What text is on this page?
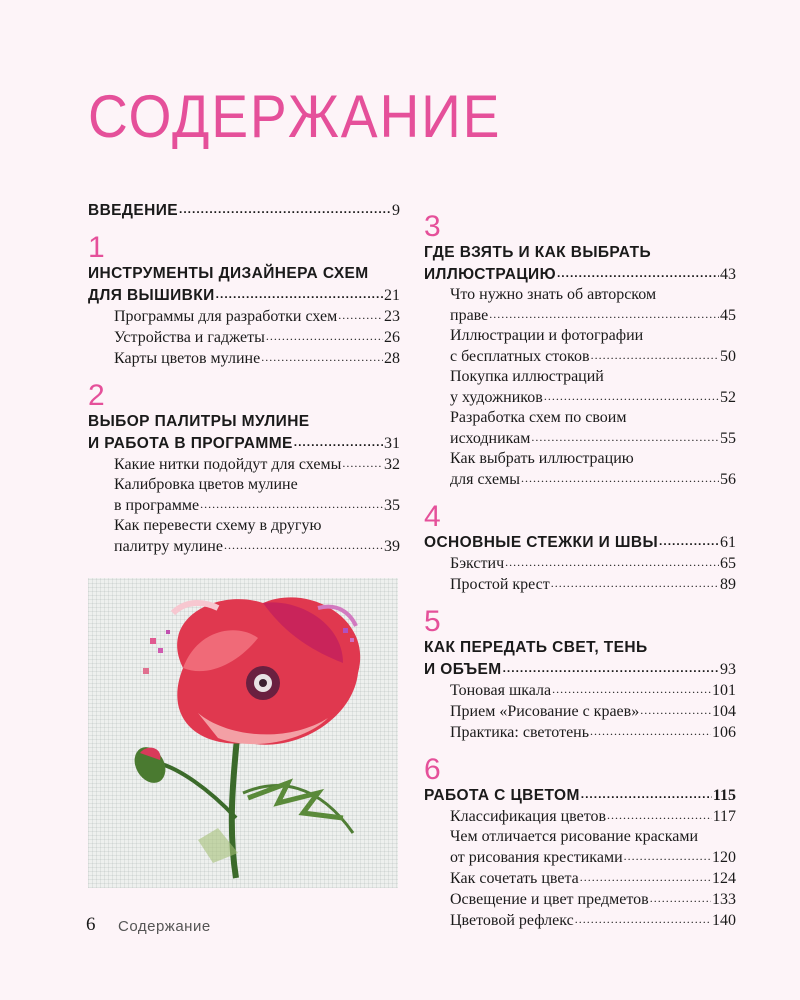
СОДЕРЖАНИЕ
ВВЕДЕНИЕ .....	9
1
ИНСТРУМЕНТЫ ДИЗАЙНЕРА СХЕМ
ДЛЯ ВЫШИВКИ .....	21
Программы для разработки схем .....	23
Устройства и гаджеты .....	26
Карты цветов мулине .....	28
2
ВЫБОР ПАЛИТРЫ МУЛИНЕ
И РАБОТА В ПРОГРАММЕ .....	31
Какие нитки подойдут для схемы .....	32
Калибровка цветов мулине
в программе .....	35
Как перевести схему в другую
палитру мулине .....	39
3
ГДЕ ВЗЯТЬ И КАК ВЫБРАТЬ
ИЛЛЮСТРАЦИЮ .....	43
Что нужно знать об авторском
праве .....	45
Иллюстрации и фотографии
с бесплатных стоков .....	50
Покупка иллюстраций
у художников .....	52
Разработка схем по своим
исходникам .....	55
Как выбрать иллюстрацию
для схемы .....	56
4
ОСНОВНЫЕ СТЕЖКИ И ШВЫ .....	61
Бэкстич .....	65
Простой крест .....	89
5
КАК ПЕРЕДАТЬ СВЕТ, ТЕНЬ
И ОБЪЕМ .....	93
Тоновая шкала .....	101
Прием «Рисование с краев» .....	104
Практика: светотень .....	106
6
РАБОТА С ЦВЕТОМ .....	115
Классификация цветов .....	117
Чем отличается рисование красками
от рисования крестиками .....	120
Как сочетать цвета .....	124
Освещение и цвет предметов .....	133
Цветовой рефлекс .....	140
6 Содержание
